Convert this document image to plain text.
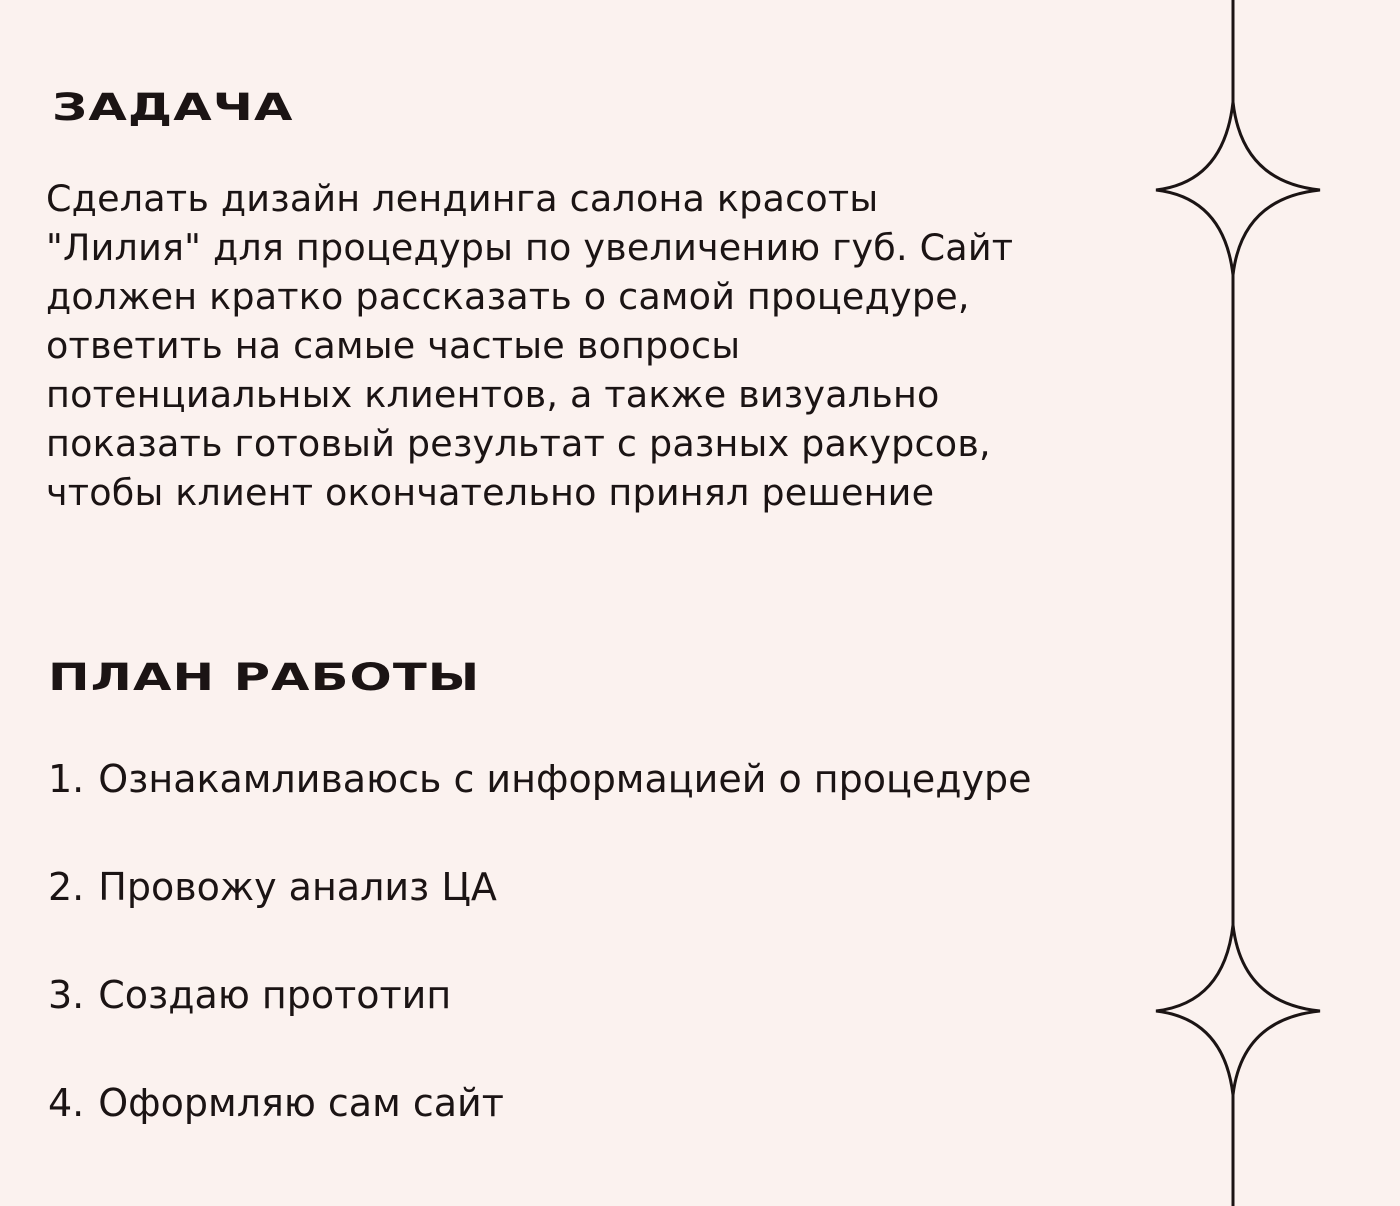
ЗАДАЧА

Сделать дизайн лендинга салона красоты
"Лилия" для процедуры по увеличению губ. Сайт
должен кратко рассказать о самой процедуре,
ответить на самые частые вопросы
потенциальных клиентов, а также визуально
показать готовый результат с разных ракурсов,
чтобы клиент окончательно принял решение

ПЛАН РАБОТЫ
1. Ознакамливаюсь с информацией о процедуре
2. Провожу анализ ЦА
3. Создаю прототип
4. Оформляю сам сайт
